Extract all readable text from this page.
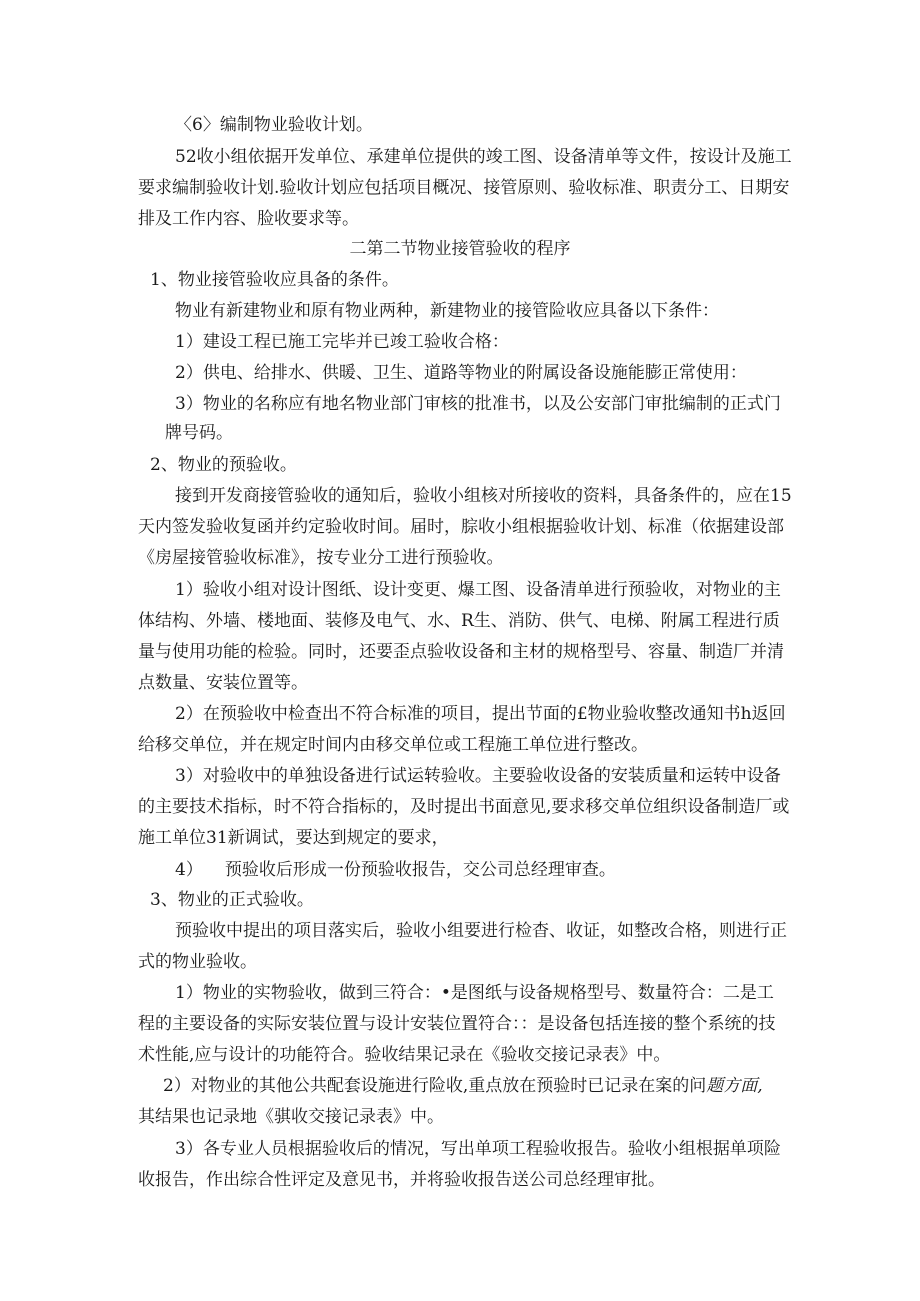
〈6〉编制物业验收计划。

52收小组依据开发单位、承建单位提供的竣工图、设备清单等文件，按设计及施工

要求编制验收计划.验收计划应包括项目概况、接管原则、验收标准、职责分工、日期安

排及工作内容、脸收要求等。

二第二节物业接管验收的程序

1、物业接管验收应具备的条件。

物业有新建物业和原有物业两种，新建物业的接管险收应具备以下条件：

1）建设工程已施工完毕并已竣工验收合格：

2）供电、给排水、供暖、卫生、道路等物业的附属设备设施能膨正常使用：

3）物业的名称应有地名物业部门审核的批准书，以及公安部门审批编制的正式门

牌号码。

2、物业的预验收。

接到开发商接管验收的通知后，验收小组核对所接收的资料，具备条件的，应在15

天内签发验收复函并约定验收时间。届时，腙收小组根据验收计划、标准（依据建设部

《房屋接管验收标准》，按专业分工进行预验收。

1）验收小组对设计图纸、设计变更、爆工图、设备清单进行预验收，对物业的主

体结构、外墙、楼地面、装修及电气、水、R生、消防、供气、电梯、附属工程进行质

量与使用功能的检验。同时，还要歪点验收设备和主材的规格型号、容量、制造厂并清

点数量、安装位置等。

2）在预验收中检查出不符合标准的项目，提出节面的£物业验收整改通知书h返回

给移交单位，并在规定时间内由移交单位或工程施工单位进行整改。

3）对验收中的单独设备进行试运转验收。主要验收设备的安装质量和运转中设备

的主要技术指标，时不符合指标的，及时提出书面意见,要求移交单位组织设备制造厂或

施工单位31新调试，要达到规定的要求，

4） 预验收后形成一份预验收报告，交公司总经理审查。

3、物业的正式验收。

预验收中提出的项目落实后，验收小组要进行检杳、收证，如整改合格，则进行正

式的物业验收。

1）物业的实物验收，做到三符合：•是图纸与设备规格型号、数量符合：二是工

程的主要设备的实际安装位置与设计安装位置符合：：是设备包括连接的整个系统的技

术性能,应与设计的功能符合。验收结果记录在《验收交接记录表》中。

2）对物业的其他公共配套设施进行险收,重点放在预验时已记录在案的问题方面,

其结果也记录地《骐收交接记录表》中。

3）各专业人员根据验收后的情况，写出单项工程验收报告。验收小组根据单项险

收报告，作出综合性评定及意见书，并将验收报告送公司总经理审批。
